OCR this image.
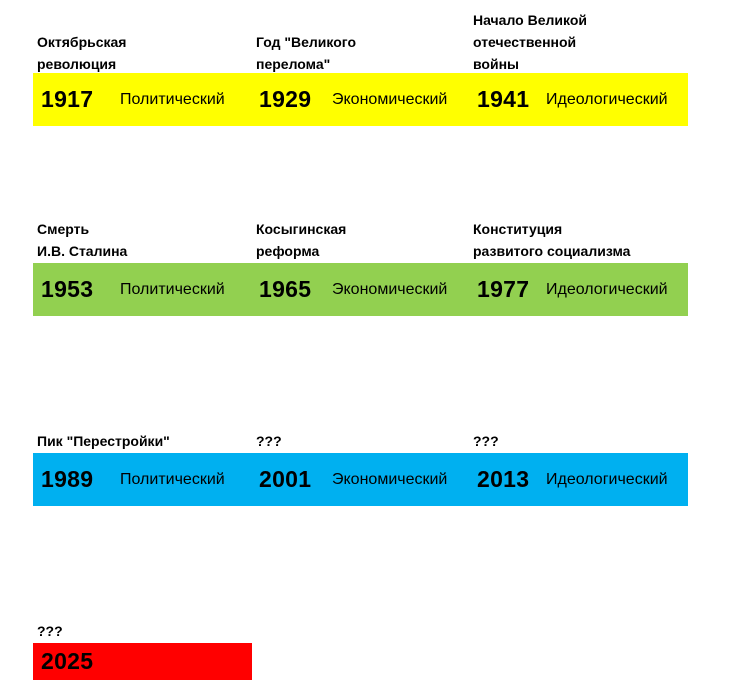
Октябрьская
революция
Год "Великого
перелома"
Начало Великой
отечественной
войны
1917 Политический 1929 Экономический 1941 Идеологический
Смерть
И.В. Сталина
Косыгинская
реформа
Конституция
развитого социализма
1953 Политический 1965 Экономический 1977 Идеологический
Пик "Перестройки"	???	???
1989 Политический 2001 Экономический 2013 Идеологический
???
2025
